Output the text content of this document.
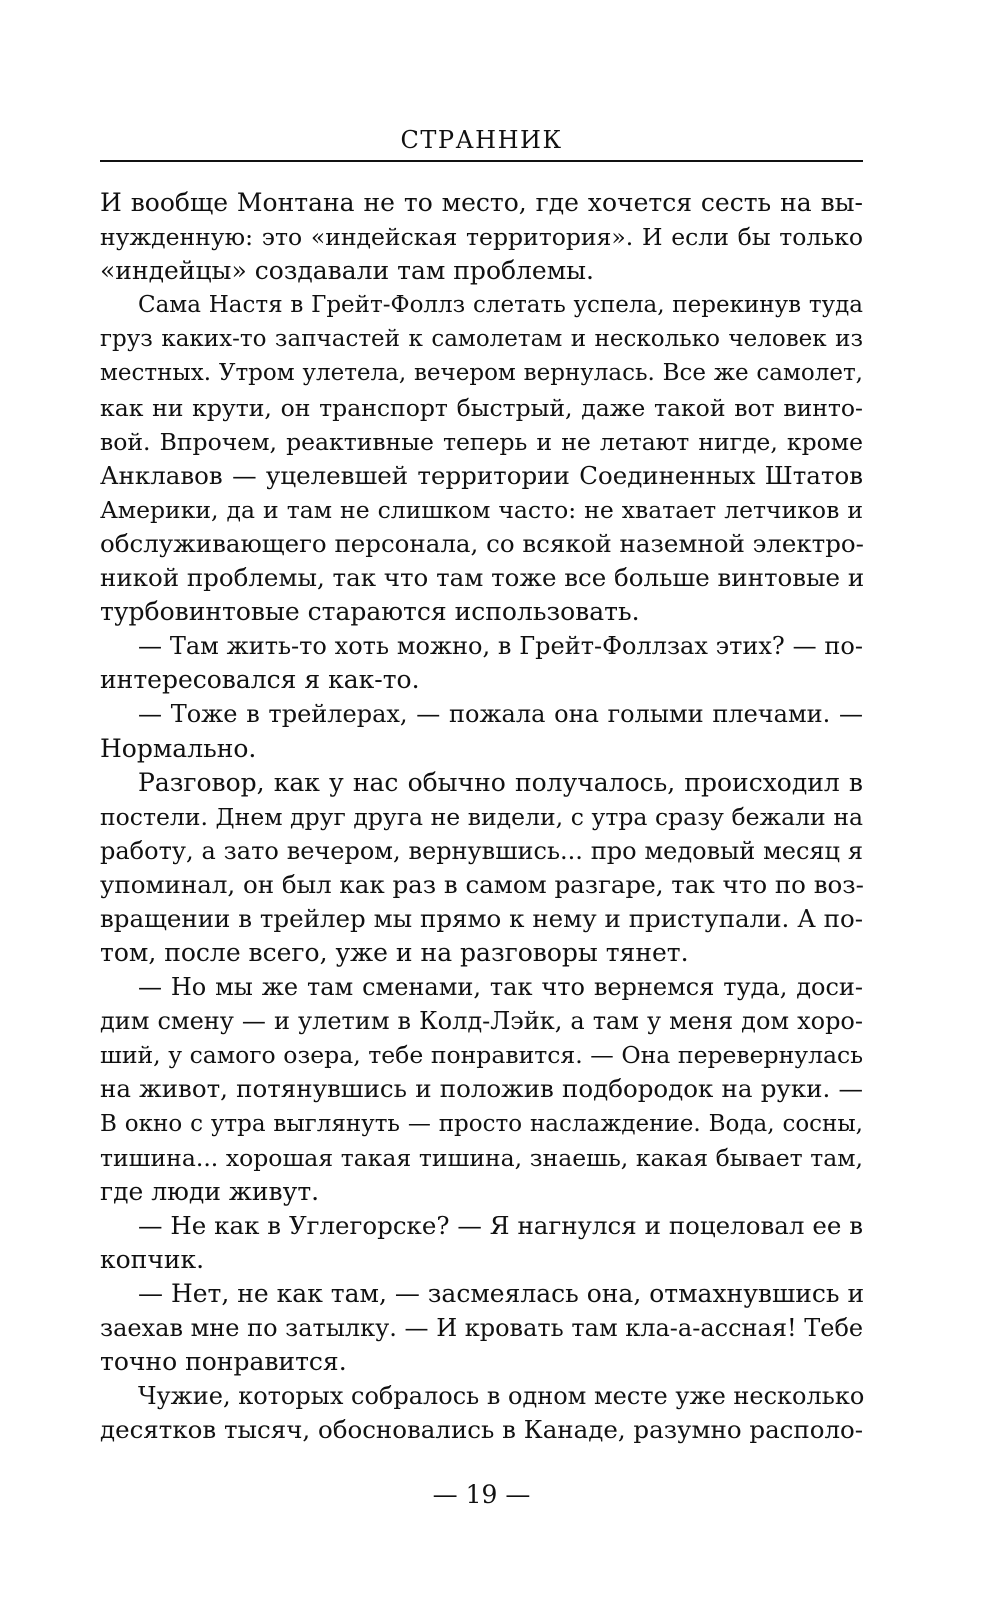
СТРАННИК
И вообще Монтана не то место, где хочется сесть на вы-
нужденную: это «индейская территория». И если бы только
«индейцы» создавали там проблемы.
Сама Настя в Грейт-Фоллз слетать успела, перекинув туда
груз каких-то запчастей к самолетам и несколько человек из
местных. Утром улетела, вечером вернулась. Все же самолет,
как ни крути, он транспорт быстрый, даже такой вот винто-
вой. Впрочем, реактивные теперь и не летают нигде, кроме
Анклавов — уцелевшей территории Соединенных Штатов
Америки, да и там не слишком часто: не хватает летчиков и
обслуживающего персонала, со всякой наземной электро-
никой проблемы, так что там тоже все больше винтовые и
турбовинтовые стараются использовать.
— Там жить-то хоть можно, в Грейт-Фоллзах этих? — по-
интересовался я как-то.
— Тоже в трейлерах, — пожала она голыми плечами. —
Нормально.
Разговор, как у нас обычно получалось, происходил в
постели. Днем друг друга не видели, с утра сразу бежали на
работу, а зато вечером, вернувшись... про медовый месяц я
упоминал, он был как раз в самом разгаре, так что по воз-
вращении в трейлер мы прямо к нему и приступали. А по-
том, после всего, уже и на разговоры тянет.
— Но мы же там сменами, так что вернемся туда, доси-
дим смену — и улетим в Колд-Лэйк, а там у меня дом хоро-
ший, у самого озера, тебе понравится. — Она перевернулась
на живот, потянувшись и положив подбородок на руки. —
В окно с утра выглянуть — просто наслаждение. Вода, сосны,
тишина... хорошая такая тишина, знаешь, какая бывает там,
где люди живут.
— Не как в Углегорске? — Я нагнулся и поцеловал ее в
копчик.
— Нет, не как там, — засмеялась она, отмахнувшись и
заехав мне по затылку. — И кровать там кла-а-ассная! Тебе
точно понравится.
Чужие, которых собралось в одном месте уже несколько
десятков тысяч, обосновались в Канаде, разумно располо-
— 19 —
